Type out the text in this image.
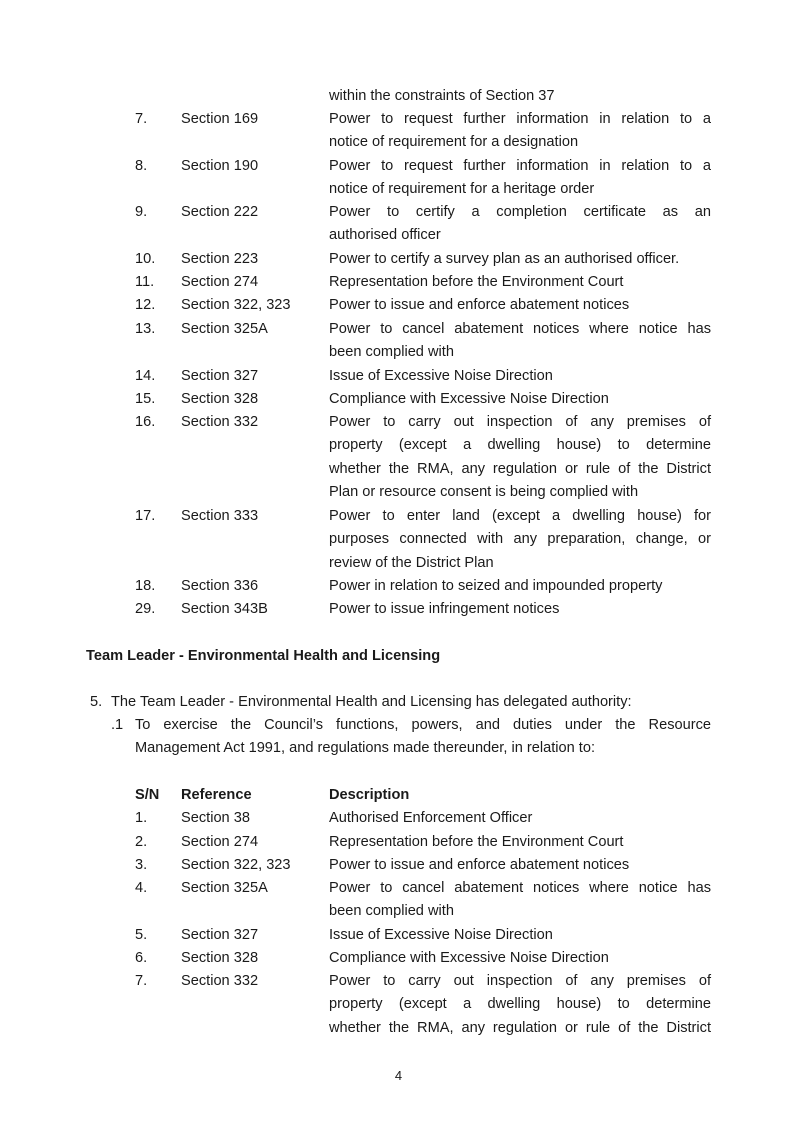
within the constraints of Section 37
7. Section 169	Power to request further information in relation to a
notice of requirement for a designation
8. Section 190	Power to request further information in relation to a
notice of requirement for a heritage order
9. Section 222	Power to certify a completion certificate as an
authorised officer
10. Section 223	Power to certify a survey plan as an authorised officer.
11. Section 274	Representation before the Environment Court
12. Section 322, 323	Power to issue and enforce abatement notices
13. Section 325A	Power to cancel abatement notices where notice has
been complied with
14. Section 327	Issue of Excessive Noise Direction
15. Section 328	Compliance with Excessive Noise Direction
16. Section 332	Power to carry out inspection of any premises of
property (except a dwelling house) to determine
whether the RMA, any regulation or rule of the District
Plan or resource consent is being complied with
17. Section 333	Power to enter land (except a dwelling house) for
purposes connected with any preparation, change, or
review of the District Plan
18. Section 336	Power in relation to seized and impounded property
29. Section 343B	Power to issue infringement notices
Team Leader - Environmental Health and Licensing
5. The Team Leader - Environmental Health and Licensing has delegated authority:
.1 To exercise the Council’s functions, powers, and duties under the Resource
Management Act 1991, and regulations made thereunder, in relation to:
S/N Reference	Description
1. Section 38	Authorised Enforcement Officer
2. Section 274	Representation before the Environment Court
3. Section 322, 323	Power to issue and enforce abatement notices
4. Section 325A	Power to cancel abatement notices where notice has
been complied with
5. Section 327	Issue of Excessive Noise Direction
6. Section 328	Compliance with Excessive Noise Direction
7. Section 332	Power to carry out inspection of any premises of
property (except a dwelling house) to determine
whether the RMA, any regulation or rule of the District
4
